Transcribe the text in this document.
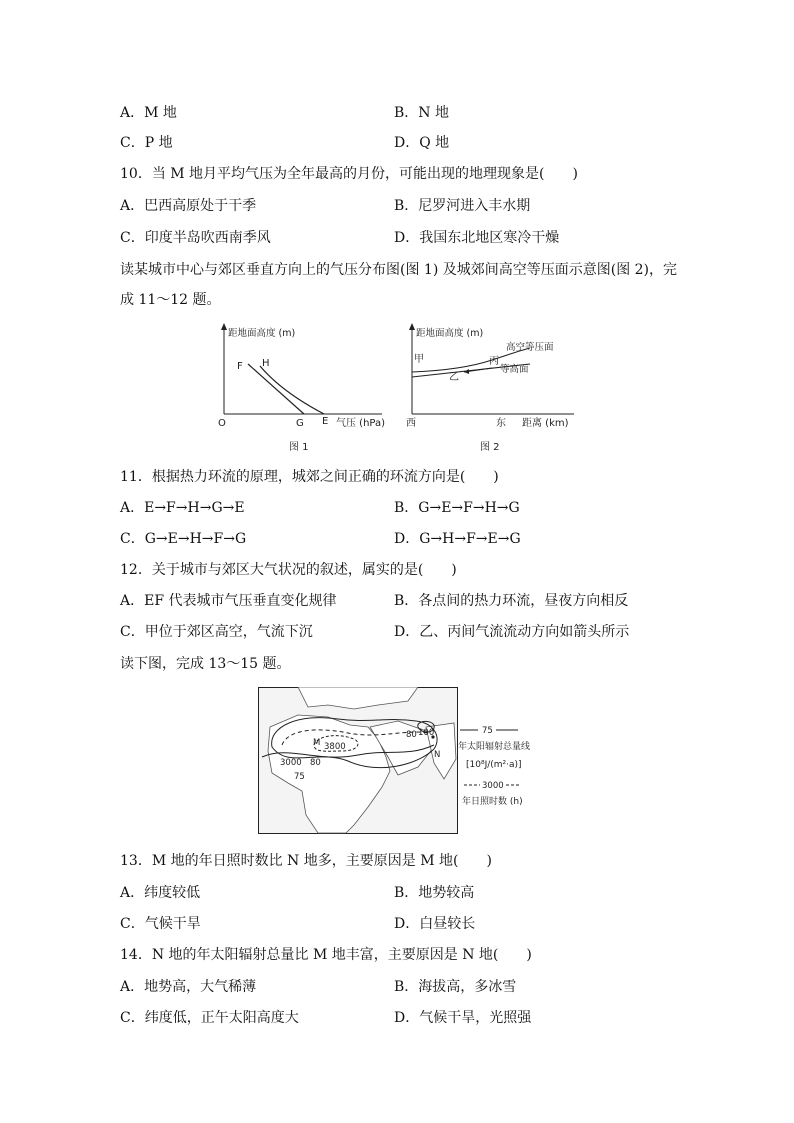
A．M 地	B．N 地
C．P 地	D．Q 地
10．当 M 地月平均气压为全年最高的月份，可能出现的地理现象是(　　)
A．巴西高原处于干季	B．尼罗河进入丰水期
C．印度半岛吹西南季风	D．我国东北地区寒冷干燥
读某城市中心与郊区垂直方向上的气压分布图(图 1) 及城郊间高空等压面示意图(图 2)，完
成 11～12 题。
距地面高度 (m)
F H
O	G E 气压 (hPa)
图 1
距地面高度 (m)
甲	丙
乙
高空等压面
等高面
西	东 距离 (km)
图 2
11．根据热力环流的原理，城郊之间正确的环流方向是(　　)
A．E→F→H→G→E	B．G→E→F→H→G
C．G→E→H→F→G	D．G→H→F→E→G
12．关于城市与郊区大气状况的叙述，属实的是(　　)
A．EF 代表城市气压垂直变化规律	B．各点间的热力环流，昼夜方向相反
C．甲位于郊区高空，气流下沉	D．乙、丙间气流流动方向如箭头所示
读下图，完成 13～15 题。
M 3800
3000 80
75
80 100
N
75
年太阳辐射总量线
[10⁸J/(m²·a)]
3000
年日照时数 (h)
13．M 地的年日照时数比 N 地多，主要原因是 M 地(　　)
A．纬度较低	B．地势较高
C．气候干旱	D．白昼较长
14．N 地的年太阳辐射总量比 M 地丰富，主要原因是 N 地(　　)
A．地势高，大气稀薄	B．海拔高，多冰雪
C．纬度低，正午太阳高度大	D．气候干旱，光照强
